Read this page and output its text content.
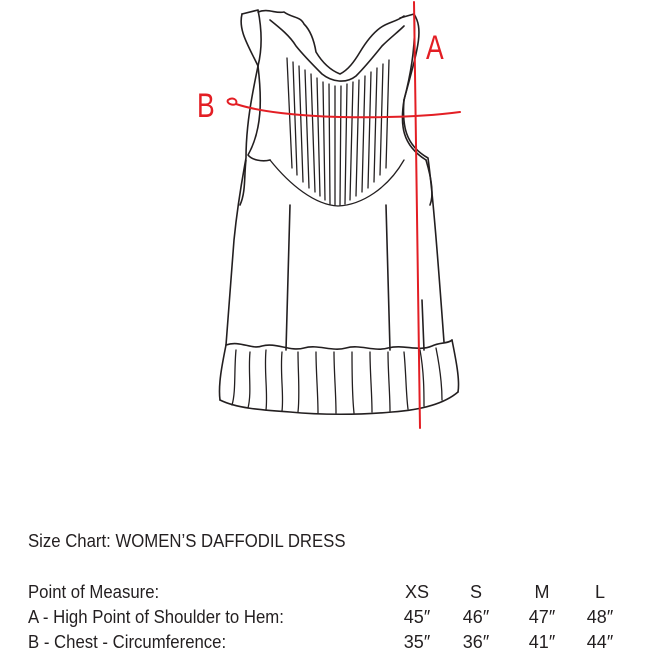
A
B
Size Chart: WOMEN’S DAFFODIL DRESS
Point of Measure:	XS	S	M	L
A - High Point of Shoulder to Hem:	45″	46″	47″	48″
B - Chest - Circumference:	35″	36″	41″	44″
